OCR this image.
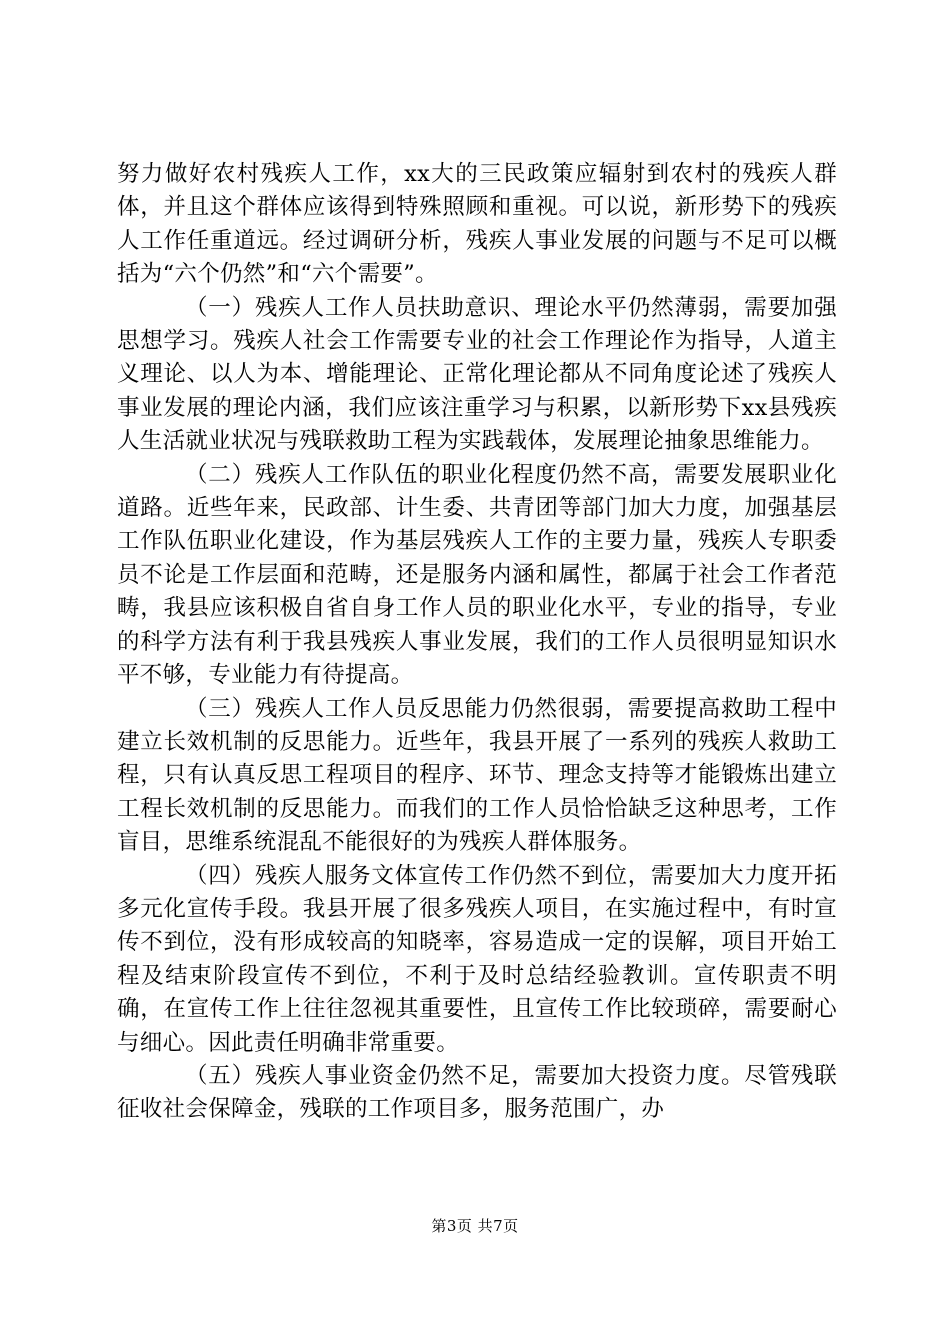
努力做好农村残疾人工作，xx大的三民政策应辐射到农村的残疾人群体，并且这个群体应该得到特殊照顾和重视。可以说，新形势下的残疾人工作任重道远。经过调研分析，残疾人事业发展的问题与不足可以概括为“六个仍然”和“六个需要”。

（一）残疾人工作人员扶助意识、理论水平仍然薄弱，需要加强思想学习。残疾人社会工作需要专业的社会工作理论作为指导，人道主义理论、以人为本、增能理论、正常化理论都从不同角度论述了残疾人事业发展的理论内涵，我们应该注重学习与积累，以新形势下xx县残疾人生活就业状况与残联救助工程为实践载体，发展理论抽象思维能力。

（二）残疾人工作队伍的职业化程度仍然不高，需要发展职业化道路。近些年来，民政部、计生委、共青团等部门加大力度，加强基层工作队伍职业化建设，作为基层残疾人工作的主要力量，残疾人专职委员不论是工作层面和范畴，还是服务内涵和属性，都属于社会工作者范畴，我县应该积极自省自身工作人员的职业化水平，专业的指导，专业的科学方法有利于我县残疾人事业发展，我们的工作人员很明显知识水平不够，专业能力有待提高。

（三）残疾人工作人员反思能力仍然很弱，需要提高救助工程中建立长效机制的反思能力。近些年，我县开展了一系列的残疾人救助工程，只有认真反思工程项目的程序、环节、理念支持等才能锻炼出建立工程长效机制的反思能力。而我们的工作人员恰恰缺乏这种思考，工作盲目，思维系统混乱不能很好的为残疾人群体服务。

（四）残疾人服务文体宣传工作仍然不到位，需要加大力度开拓多元化宣传手段。我县开展了很多残疾人项目，在实施过程中，有时宣传不到位，没有形成较高的知晓率，容易造成一定的误解，项目开始工程及结束阶段宣传不到位，不利于及时总结经验教训。宣传职责不明确，在宣传工作上往往忽视其重要性，且宣传工作比较琐碎，需要耐心与细心。因此责任明确非常重要。

（五）残疾人事业资金仍然不足，需要加大投资力度。尽管残联征收社会保障金，残联的工作项目多，服务范围广，办

第3页 共7页
